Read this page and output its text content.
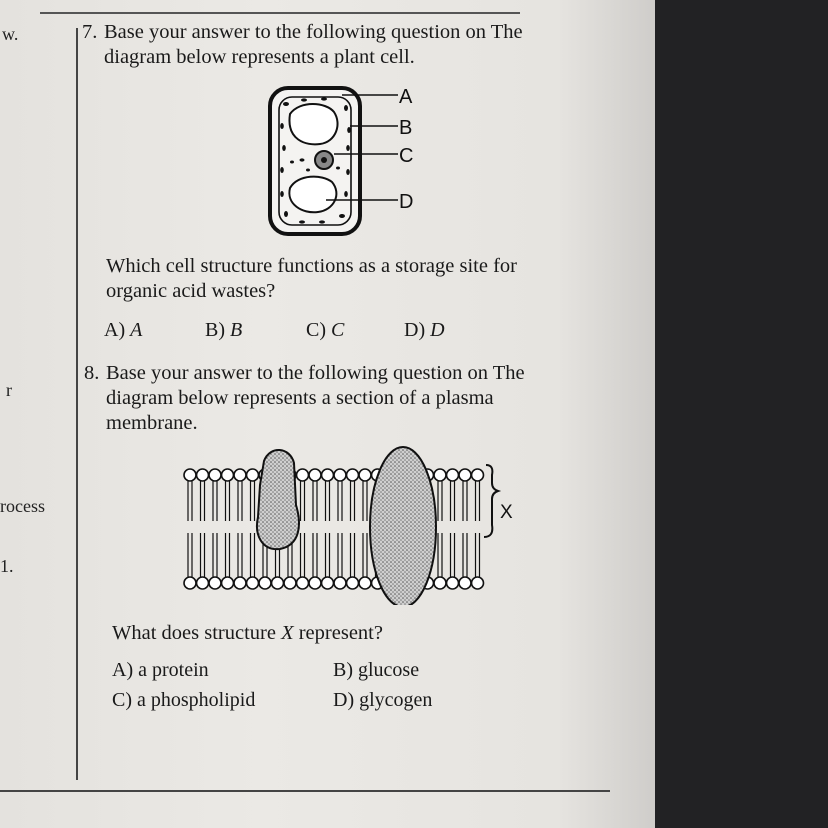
w.
r
rocess
1.
7. Base your answer to the following question on The
diagram below represents a plant cell.
A
B
C
D
Which cell structure functions as a storage site for
organic acid wastes?
A) A	B) B	C) C	D) D
8. Base your answer to the following question on The
diagram below represents a section of a plasma
membrane.
X
What does structure X represent?
A) a protein	B) glucose
C) a phospholipid	D) glycogen
